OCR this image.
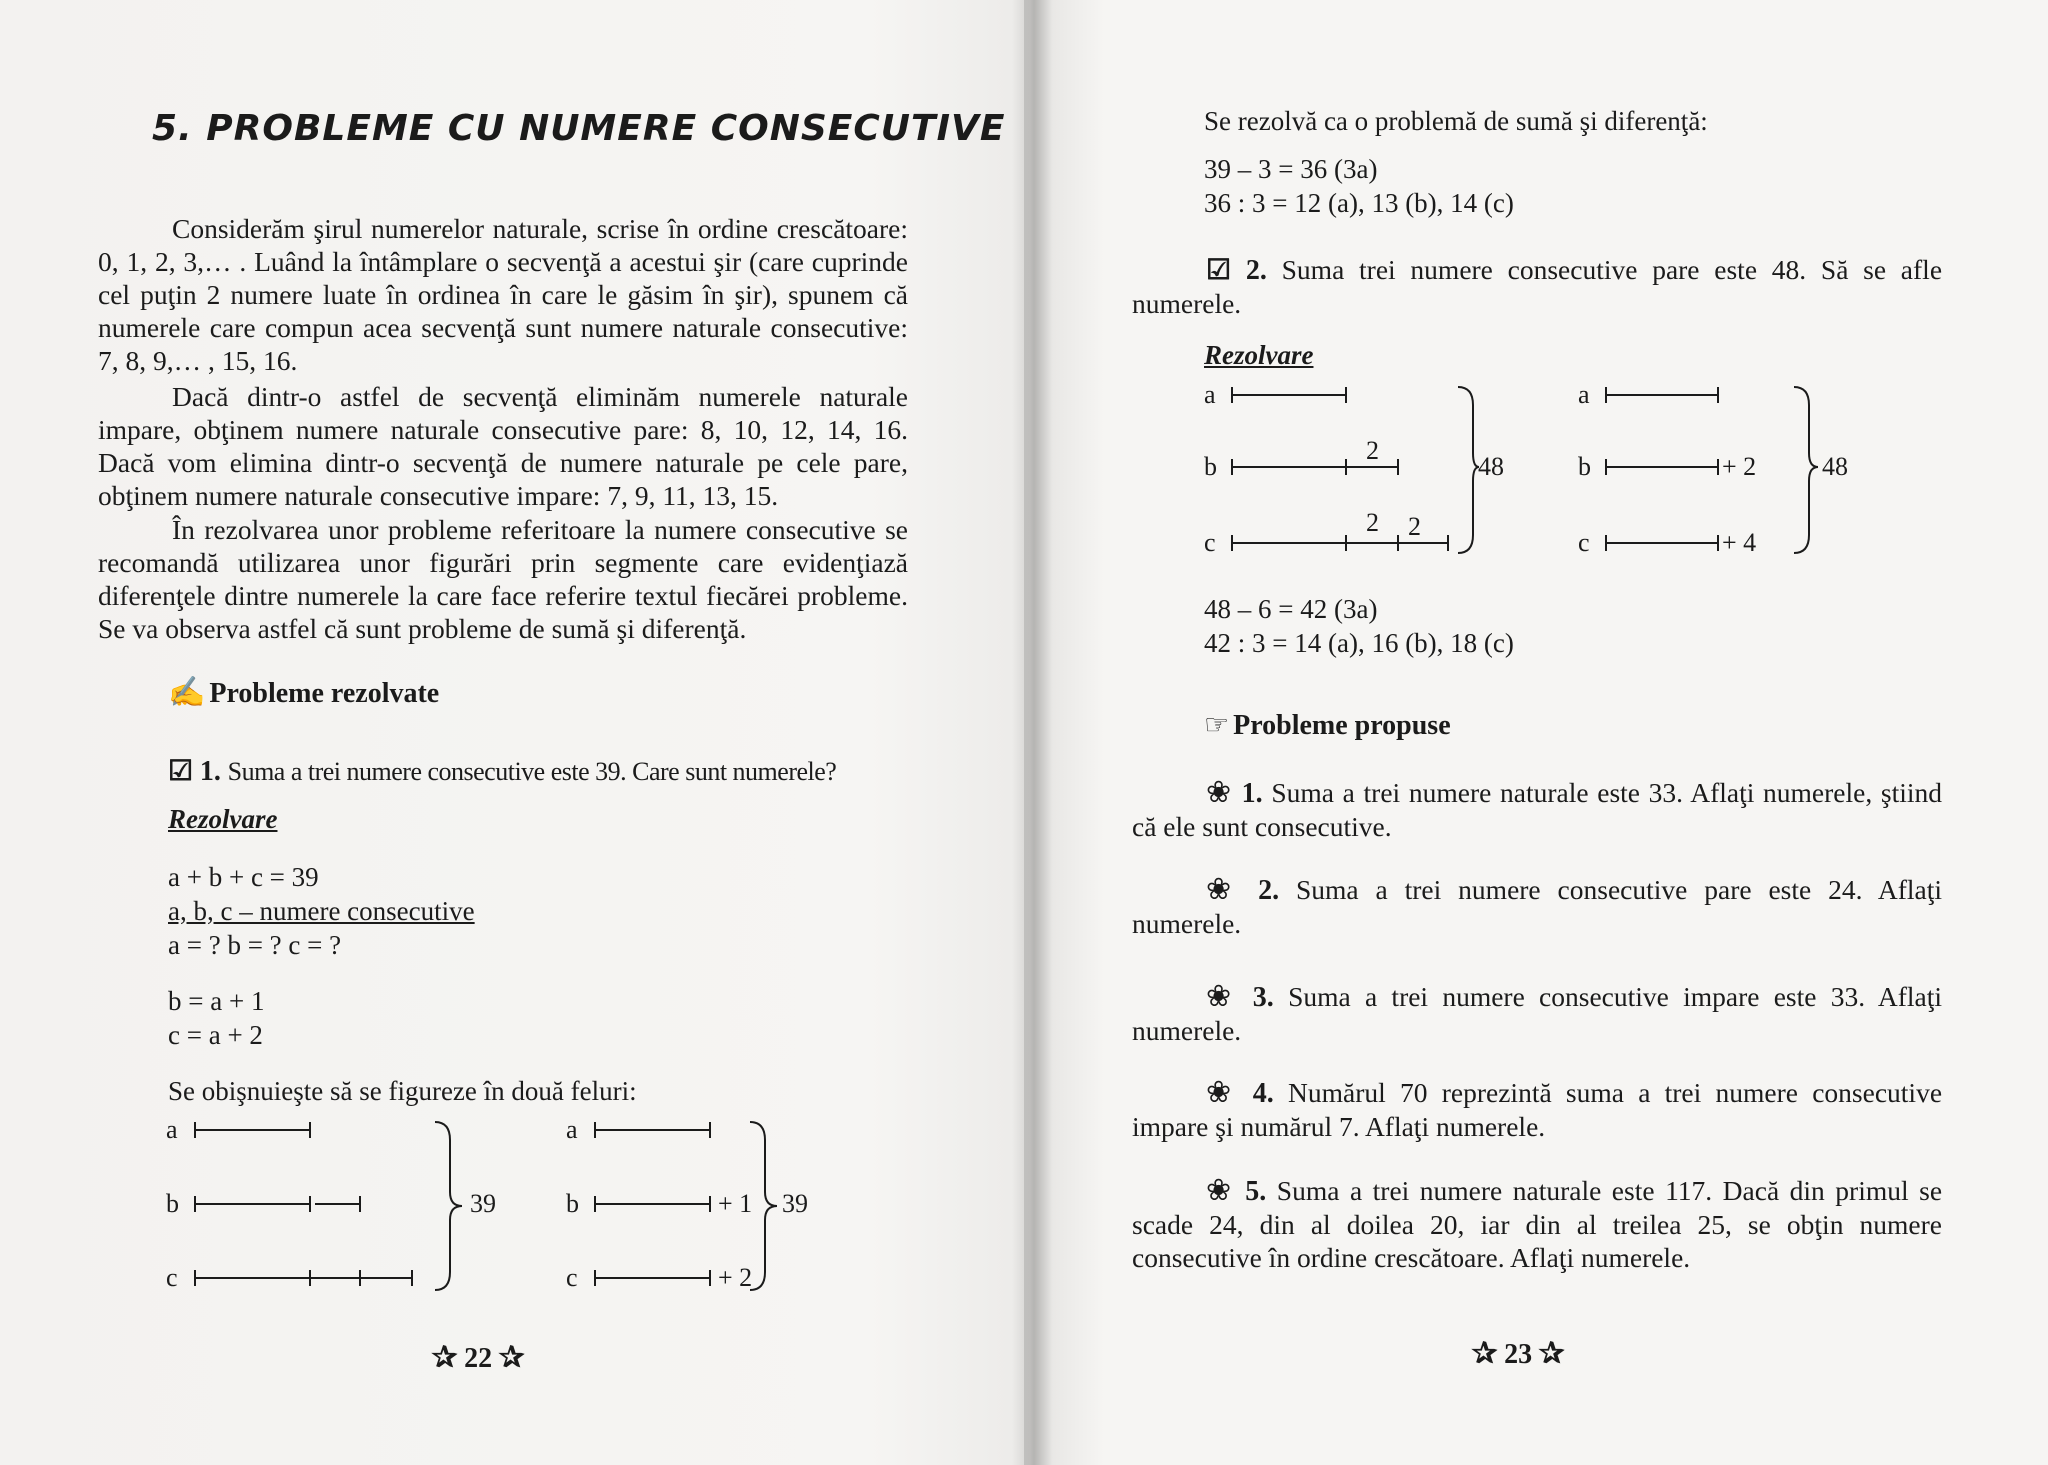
5. PROBLEME CU NUMERE CONSECUTIVE
Considerăm şirul numerelor naturale, scrise în ordine crescătoare: 0, 1, 2, 3,… . Luând la întâmplare o secvenţă a acestui şir (care cuprinde cel puţin 2 numere luate în ordinea în care le găsim în şir), spunem că numerele care compun acea secvenţă sunt numere naturale consecutive: 7, 8, 9,… , 15, 16.
Dacă dintr-o astfel de secvenţă eliminăm numerele naturale impare, obţinem numere naturale consecutive pare: 8, 10, 12, 14, 16. Dacă vom elimina dintr-o secvenţă de numere naturale pe cele pare, obţinem numere naturale consecutive impare: 7, 9, 11, 13, 15.
În rezolvarea unor probleme referitoare la numere consecutive se recomandă utilizarea unor figurări prin segmente care evidenţiază diferenţele dintre numerele la care face referire textul fiecărei probleme. Se va observa astfel că sunt probleme de sumă şi diferenţă.
✍ Probleme rezolvate
☑ 1. Suma a trei numere consecutive este 39. Care sunt numerele?
Rezolvare
a + b + c = 39
a, b, c – numere consecutive
a = ? b = ? c = ?
b = a + 1
c = a + 2
Se obişnuieşte să se figureze în două feluri:
a
b
c
39
a
b
c
+ 1
+ 2
39
✰ 22 ✰
Se rezolvă ca o problemă de sumă şi diferenţă:
39 – 3 = 36 (3a)
36 : 3 = 12 (a), 13 (b), 14 (c)
☑ 2. Suma trei numere consecutive pare este 48. Să se afle numerele.
Rezolvare
a
b
c
2
2 2
48
a
b
c
+ 2
+ 4
48
48 – 6 = 42 (3a)
42 : 3 = 14 (a), 16 (b), 18 (c)
☞ Probleme propuse
❀ 1. Suma a trei numere naturale este 33. Aflaţi numerele, ştiind că ele sunt consecutive.
❀ 2. Suma a trei numere consecutive pare este 24. Aflaţi numerele.
❀ 3. Suma a trei numere consecutive impare este 33. Aflaţi numerele.
❀ 4. Numărul 70 reprezintă suma a trei numere consecutive impare şi numărul 7. Aflaţi numerele.
❀ 5. Suma a trei numere naturale este 117. Dacă din primul se scade 24, din al doilea 20, iar din al treilea 25, se obţin numere consecutive în ordine crescătoare. Aflaţi numerele.
✰ 23 ✰
